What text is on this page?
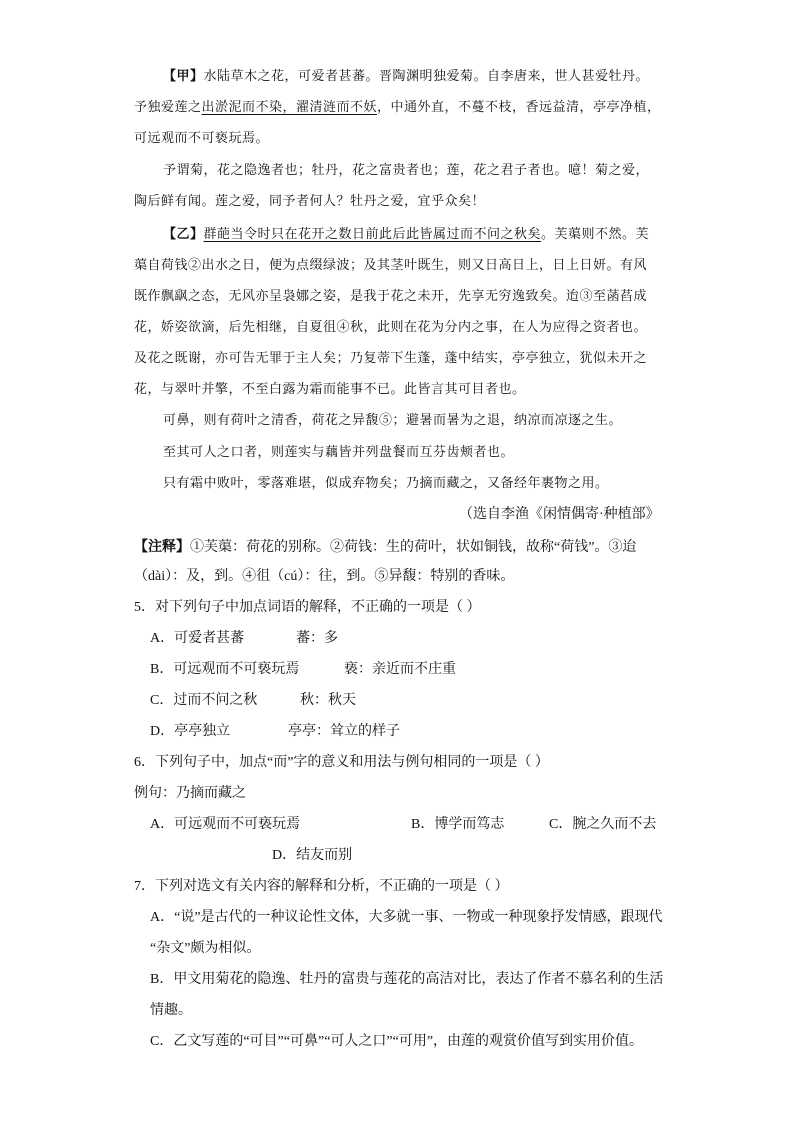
【甲】水陆草木之花，可爱者甚蕃。晋陶渊明独爱菊。自李唐来，世人甚爱牡丹。
予独爱莲之出淤泥而不染，濯清涟而不妖，中通外直，不蔓不枝，香远益清，亭亭净植，
可远观而不可亵玩焉。
予谓菊，花之隐逸者也；牡丹，花之富贵者也；莲，花之君子者也。噫！菊之爱，
陶后鲜有闻。莲之爱，同予者何人？牡丹之爱，宜乎众矣！
【乙】群葩当令时只在花开之数日前此后此皆属过而不问之秋矣。芙蕖则不然。芙
蕖自荷钱②出水之日，便为点缀绿波；及其茎叶既生，则又日高日上，日上日妍。有风
既作飘飖之态，无风亦呈袅娜之姿，是我于花之未开，先享无穷逸致矣。迨③至菡萏成
花，娇姿欲滴，后先相继，自夏徂④秋，此则在花为分内之事，在人为应得之资者也。
及花之既谢，亦可告无罪于主人矣；乃复蒂下生蓬，蓬中结实，亭亭独立，犹似未开之
花，与翠叶并擎，不至白露为霜而能事不已。此皆言其可目者也。
可鼻，则有荷叶之清香，荷花之异馥⑤；避暑而暑为之退，纳凉而凉逐之生。
至其可人之口者，则莲实与藕皆并列盘餐而互芬齿颊者也。
只有霜中败叶，零落难堪，似成弃物矣；乃摘而藏之，又备经年裹物之用。
（选自李渔《闲情偶寄·种植部》
【注释】①芙蕖：荷花的别称。②荷钱：生的荷叶，状如铜钱，故称“荷钱”。③迨
（dài）：及，到。④徂（cú）：往，到。⑤异馥：特别的香味。
5．对下列句子中加点词语的解释，不正确的一项是（ ）
A．可爱者甚蕃	蕃：多
B．可远观而不可亵玩焉	亵：亲近而不庄重
C．过而不问之秋	秋：秋天
D．亭亭独立	亭亭：耸立的样子
6．下列句子中，加点“而”字的意义和用法与例句相同的一项是（ ）
例句：乃摘而藏之
A．可远观而不可亵玩焉	B．博学而笃志	C．腕之久而不去
D．结友而别
7．下列对选文有关内容的解释和分析，不正确的一项是（ ）
A．“说”是古代的一种议论性文体，大多就一事、一物或一种现象抒发情感，跟现代
“杂文”颇为相似。
B．甲文用菊花的隐逸、牡丹的富贵与莲花的高洁对比，表达了作者不慕名利的生活
情趣。
C．乙文写莲的“可目”“可鼻”“可人之口”“可用”，由莲的观赏价值写到实用价值。
